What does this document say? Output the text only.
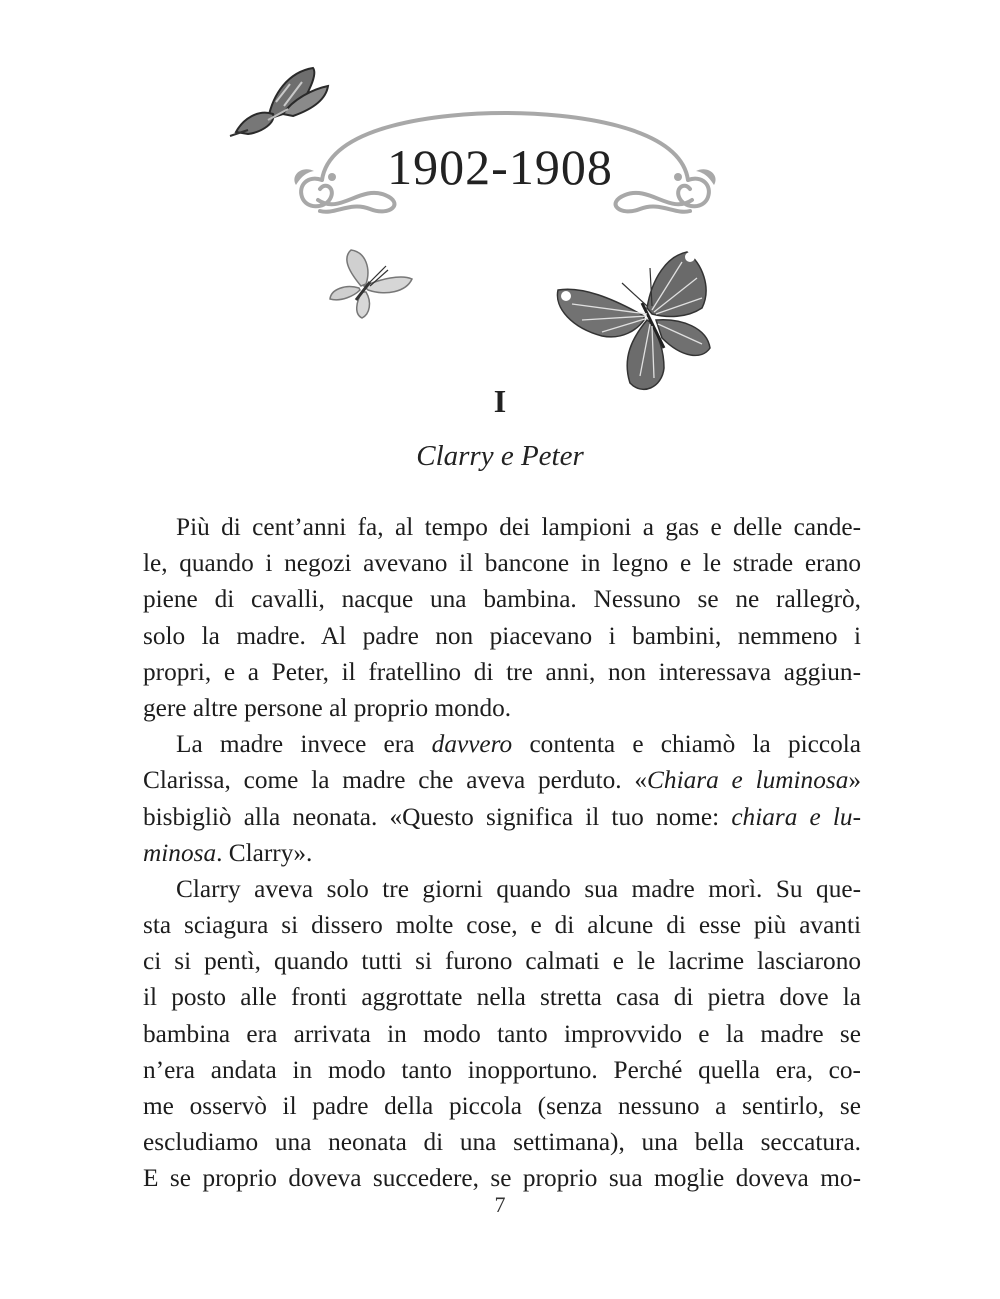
1902-1908
I
Clarry e Peter
Più di cent’anni fa, al tempo dei lampioni a gas e delle cande-
le, quando i negozi avevano il bancone in legno e le strade erano
piene di cavalli, nacque una bambina. Nessuno se ne rallegrò,
solo la madre. Al padre non piacevano i bambini, nemmeno i
propri, e a Peter, il fratellino di tre anni, non interessava aggiun-
gere altre persone al proprio mondo.
La madre invece era davvero contenta e chiamò la piccola
Clarissa, come la madre che aveva perduto. «Chiara e luminosa»
bisbigliò alla neonata. «Questo significa il tuo nome: chiara e lu-
minosa. Clarry».
Clarry aveva solo tre giorni quando sua madre morì. Su que-
sta sciagura si dissero molte cose, e di alcune di esse più avanti
ci si pentì, quando tutti si furono calmati e le lacrime lasciarono
il posto alle fronti aggrottate nella stretta casa di pietra dove la
bambina era arrivata in modo tanto improvvido e la madre se
n’era andata in modo tanto inopportuno. Perché quella era, co-
me osservò il padre della piccola (senza nessuno a sentirlo, se
escludiamo una neonata di una settimana), una bella seccatura.
E se proprio doveva succedere, se proprio sua moglie doveva mo-
7
